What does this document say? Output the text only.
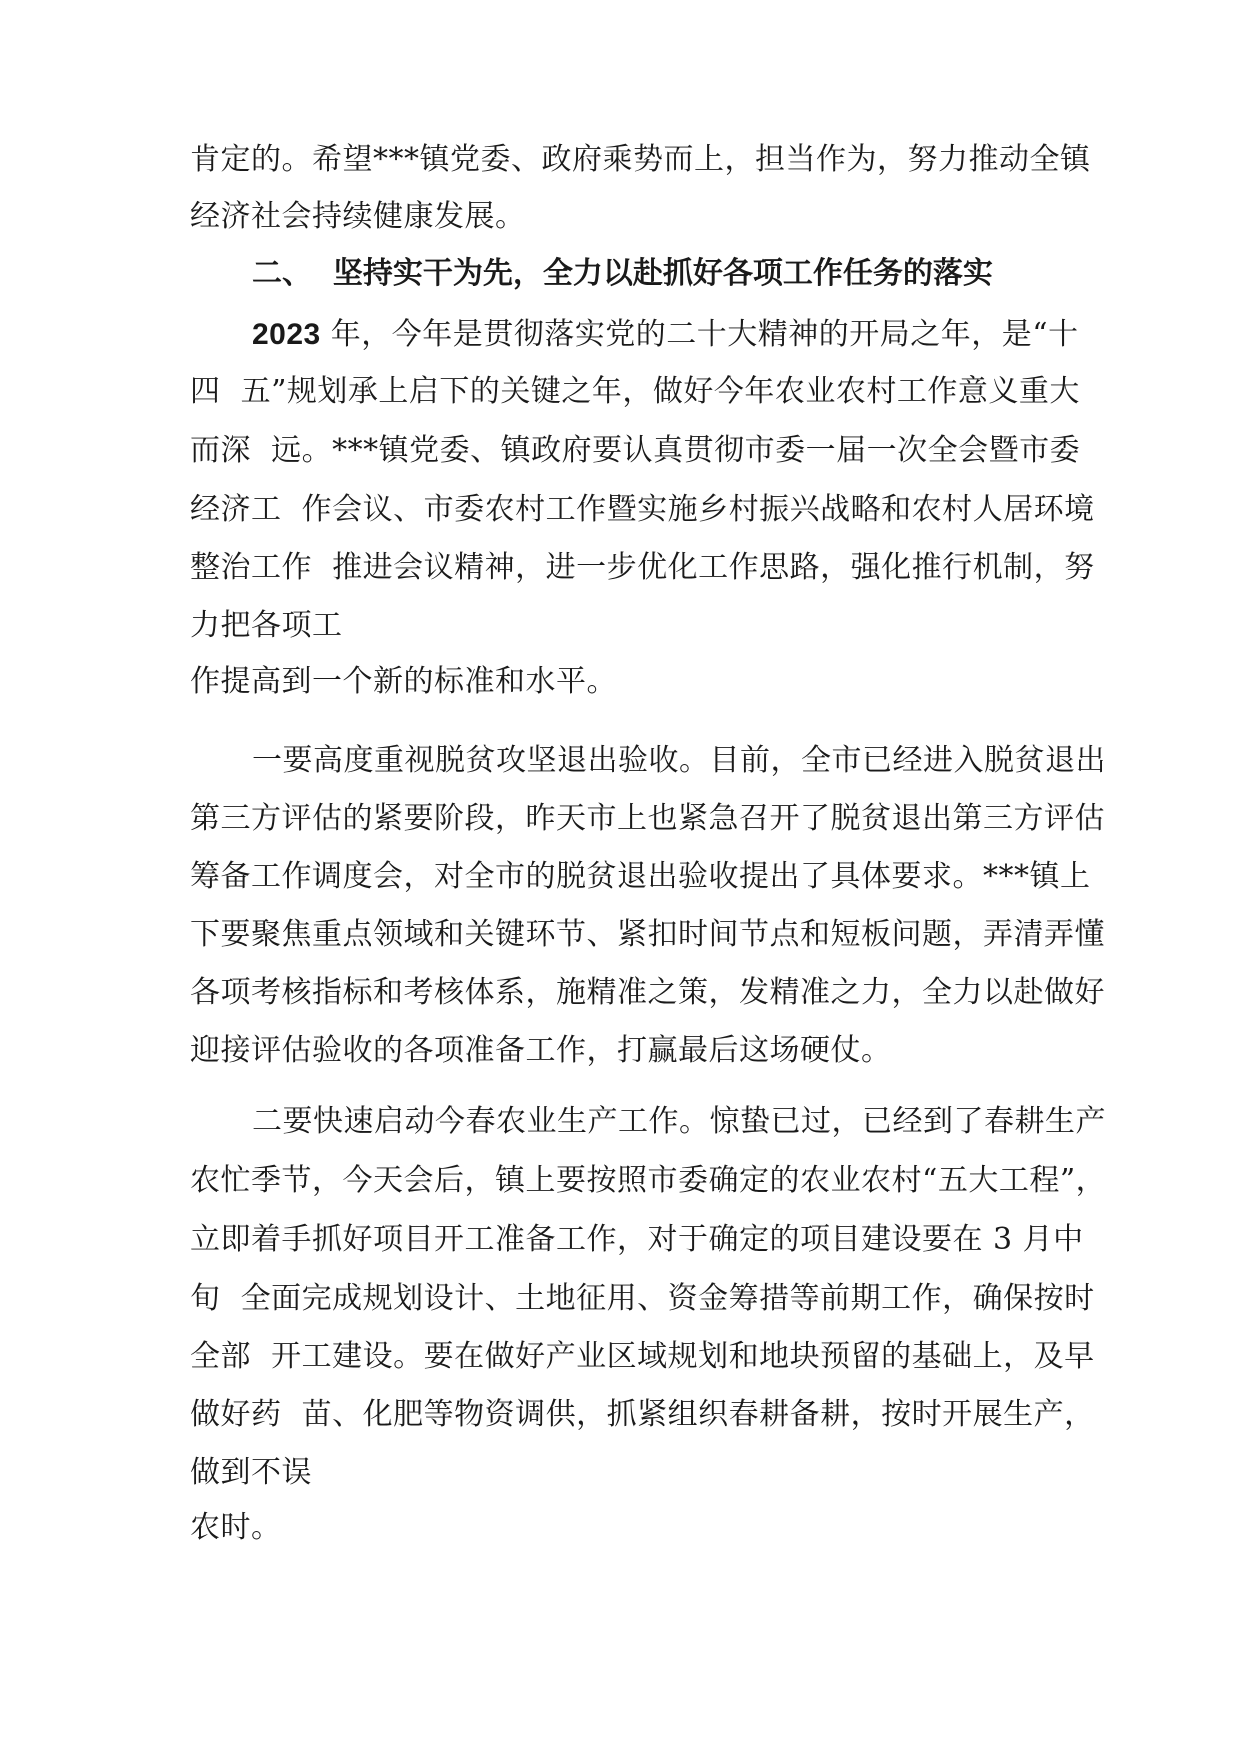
肯定的。希望***镇党委、政府乘势而上，担当作为，努力推动全镇
经济社会持续健康发展。
二、  坚持实干为先，全力以赴抓好各项工作任务的落实
2023 年，今年是贯彻落实党的二十大精神的开局之年，是“十
四  五”规划承上启下的关键之年，做好今年农业农村工作意义重大
而深  远。***镇党委、镇政府要认真贯彻市委一届一次全会暨市委
经济工  作会议、市委农村工作暨实施乡村振兴战略和农村人居环境
整治工作  推进会议精神，进一步优化工作思路，强化推行机制，努
力把各项工
作提高到一个新的标准和水平。
一要高度重视脱贫攻坚退出验收。目前，全市已经进入脱贫退出
第三方评估的紧要阶段，昨天市上也紧急召开了脱贫退出第三方评估
筹备工作调度会，对全市的脱贫退出验收提出了具体要求。***镇上
下要聚焦重点领域和关键环节、紧扣时间节点和短板问题，弄清弄懂
各项考核指标和考核体系，施精准之策，发精准之力，全力以赴做好
迎接评估验收的各项准备工作，打赢最后这场硬仗。
二要快速启动今春农业生产工作。惊蛰已过，已经到了春耕生产
农忙季节，今天会后，镇上要按照市委确定的农业农村“五大工程”，
立即着手抓好项目开工准备工作，对于确定的项目建设要在 3 月中
旬  全面完成规划设计、土地征用、资金筹措等前期工作，确保按时
全部  开工建设。要在做好产业区域规划和地块预留的基础上，及早
做好药  苗、化肥等物资调供，抓紧组织春耕备耕，按时开展生产，
做到不误
农时。
